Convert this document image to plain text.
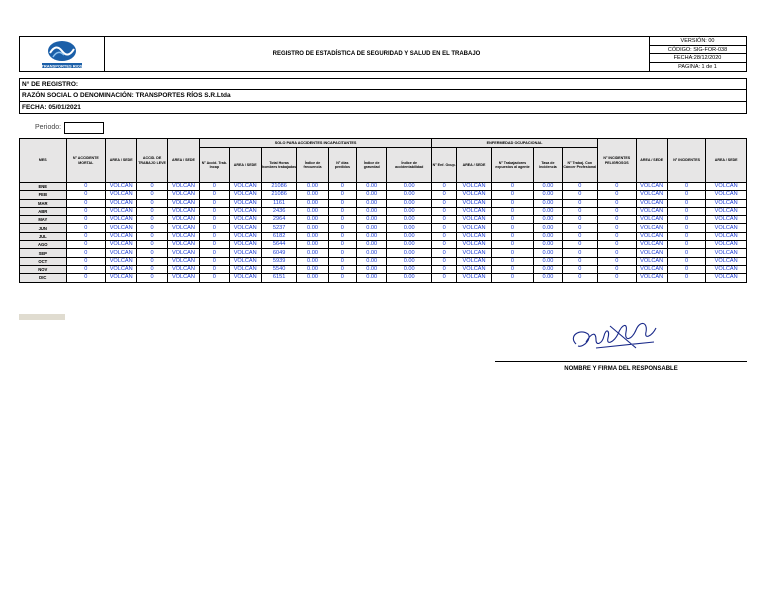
TRANSPORTES RIOS
REGISTRO DE ESTADÍSTICA DE SEGURIDAD Y SALUD EN EL TRABAJO
VERSIÓN: 00
CÓDIGO: SIG-FOR-038
FECHA:28/12/2020
PAGINA: 1 de 1
N° DE REGISTRO:
RAZÓN SOCIAL O DENOMINACIÓN: TRANSPORTES RÍOS S.R.Ltda
FECHA: 05/01/2021
Periodo:
MES	N° ACCIDENTE MORTAL	AREA / SEDE	ACCID. DE TRABAJO LEVE	AREA / SEDE	SOLO PARA ACCIDENTES INCAPACITANTES							ENFERMEDAD OCUPACIONAL					N° INCIDENTES PELIGROSOS	AREA / SEDE	N° INCIDENTES	AREA / SEDE
					N° Accid. Trab. Incap	AREA / SEDE	Total Horas hombres trabajadas	Índice de frecuencia	N° días perdidos	Índice de gravedad	Índice de accidentabilidad	N° Enf. Ocup.	AREA / SEDE	N° Trabajadores expuestos al agente	Tasa de Incidencia	N° Trabaj. Con Cáncer Profesional				
ENE	0	VOLCAN	0	VOLCAN	0	VOLCAN	21086	0.00	0	0.00	0.00	0	VOLCAN	0	0.00	0	0	VOLCAN	0	VOLCAN
FEB	0	VOLCAN	0	VOLCAN	0	VOLCAN	21086	0.00	0	0.00	0.00	0	VOLCAN	0	0.00	0	0	VOLCAN	0	VOLCAN
MAR	0	VOLCAN	0	VOLCAN	0	VOLCAN	1161	0.00	0	0.00	0.00	0	VOLCAN	0	0.00	0	0	VOLCAN	0	VOLCAN
ABR	0	VOLCAN	0	VOLCAN	0	VOLCAN	2436	0.00	0	0.00	0.00	0	VOLCAN	0	0.00	0	0	VOLCAN	0	VOLCAN
MAY	0	VOLCAN	0	VOLCAN	0	VOLCAN	2964	0.00	0	0.00	0.00	0	VOLCAN	0	0.00	0	0	VOLCAN	0	VOLCAN
JUN	0	VOLCAN	0	VOLCAN	0	VOLCAN	5237	0.00	0	0.00	0.00	0	VOLCAN	0	0.00	0	0	VOLCAN	0	VOLCAN
JUL	0	VOLCAN	0	VOLCAN	0	VOLCAN	6182	0.00	0	0.00	0.00	0	VOLCAN	0	0.00	0	0	VOLCAN	0	VOLCAN
AGO	0	VOLCAN	0	VOLCAN	0	VOLCAN	5644	0.00	0	0.00	0.00	0	VOLCAN	0	0.00	0	0	VOLCAN	0	VOLCAN
SEP	0	VOLCAN	0	VOLCAN	0	VOLCAN	6049	0.00	0	0.00	0.00	0	VOLCAN	0	0.00	0	0	VOLCAN	0	VOLCAN
OCT	0	VOLCAN	0	VOLCAN	0	VOLCAN	5939	0.00	0	0.00	0.00	0	VOLCAN	0	0.00	0	0	VOLCAN	0	VOLCAN
NOV	0	VOLCAN	0	VOLCAN	0	VOLCAN	5540	0.00	0	0.00	0.00	0	VOLCAN	0	0.00	0	0	VOLCAN	0	VOLCAN
DIC	0	VOLCAN	0	VOLCAN	0	VOLCAN	6151	0.00	0	0.00	0.00	0	VOLCAN	0	0.00	0	0	VOLCAN	0	VOLCAN
NOMBRE Y FIRMA DEL RESPONSABLE
